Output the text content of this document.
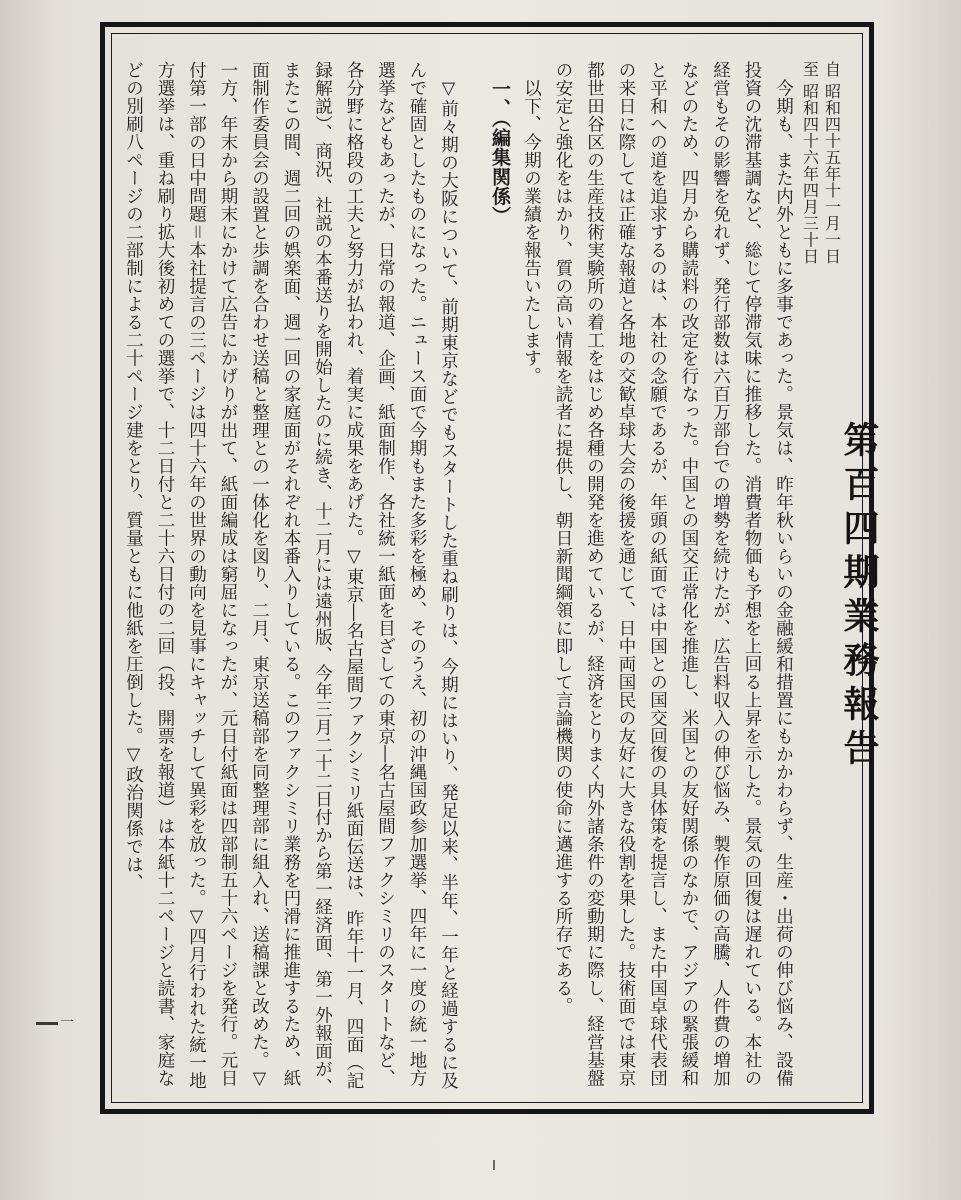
第百四期業務報告
自 昭和四十五年十一月一日
至 昭和四十六年四月三十日

今期も、また内外ともに多事であった。景気は、昨年秋いらいの金融緩和措置にもかかわらず、生産・出荷の伸び悩み、設備投資の沈滞基調など、総じて停滞気味に推移した。消費者物価も予想を上回る上昇を示した。景気の回復は遅れている。本社の経営もその影響を免れず、発行部数は六百万部台での増勢を続けたが、広告料収入の伸び悩み、製作原価の高騰、人件費の増加などのため、四月から購読料の改定を行なった。中国との国交正常化を推進し、米国との友好関係のなかで、アジアの緊張緩和と平和への道を追求するのは、本社の念願であるが、年頭の紙面では中国との国交回復の具体策を提言し、また中国卓球代表団の来日に際しては正確な報道と各地の交歓卓球大会の後援を通じて、日中両国民の友好に大きな役割を果した。技術面では東京都世田谷区の生産技術実験所の着工をはじめ各種の開発を進めているが、経済をとりまく内外諸条件の変動期に際し、経営基盤の安定と強化をはかり、質の高い情報を読者に提供し、朝日新聞綱領に即して言論機関の使命に邁進する所存である。

以下、今期の業績を報告いたします。

一、（編集関係）

▽前々期の大阪について、前期東京などでもスタートした重ね刷りは、今期にはいり、発足以来、半年、一年と経過するに及んで確固としたものになった。ニュース面で今期もまた多彩を極め、そのうえ、初の沖縄国政参加選挙、四年に一度の統一地方選挙などもあったが、日常の報道、企画、紙面制作、各社統一紙面を目ざしての東京―名古屋間ファクシミリのスタートなど、各分野に格段の工夫と努力が払われ、着実に成果をあげた。▽東京―名古屋間ファクシミリ紙面伝送は、昨年十一月、四面（記録解説）、商況、社説の本番送りを開始したのに続き、十二月には遠州版、今年三月二十二日付から第一経済面、第一外報面が、またこの間、週二回の娯楽面、週一回の家庭面がそれぞれ本番入りしている。このファクシミリ業務を円滑に推進するため、紙面制作委員会の設置と歩調を合わせ送稿と整理との一体化を図り、二月、東京送稿部を同整理部に組入れ、送稿課と改めた。▽一方、年末から期末にかけて広告にかげりが出て、紙面編成は窮屈になったが、元日付紙面は四部制五十六ページを発行。元日付第一部の日中問題＝本社提言の三ページは四十六年の世界の動向を見事にキャッチして異彩を放った。▽四月行われた統一地方選挙は、重ね刷り拡大後初めての選挙で、十二日付と二十六日付の二回（投、開票を報道）は本紙十二ページと読書、家庭などの別刷八ページの二部制による二十ページ建をとり、質量ともに他紙を圧倒した。▽政治関係では、

一
